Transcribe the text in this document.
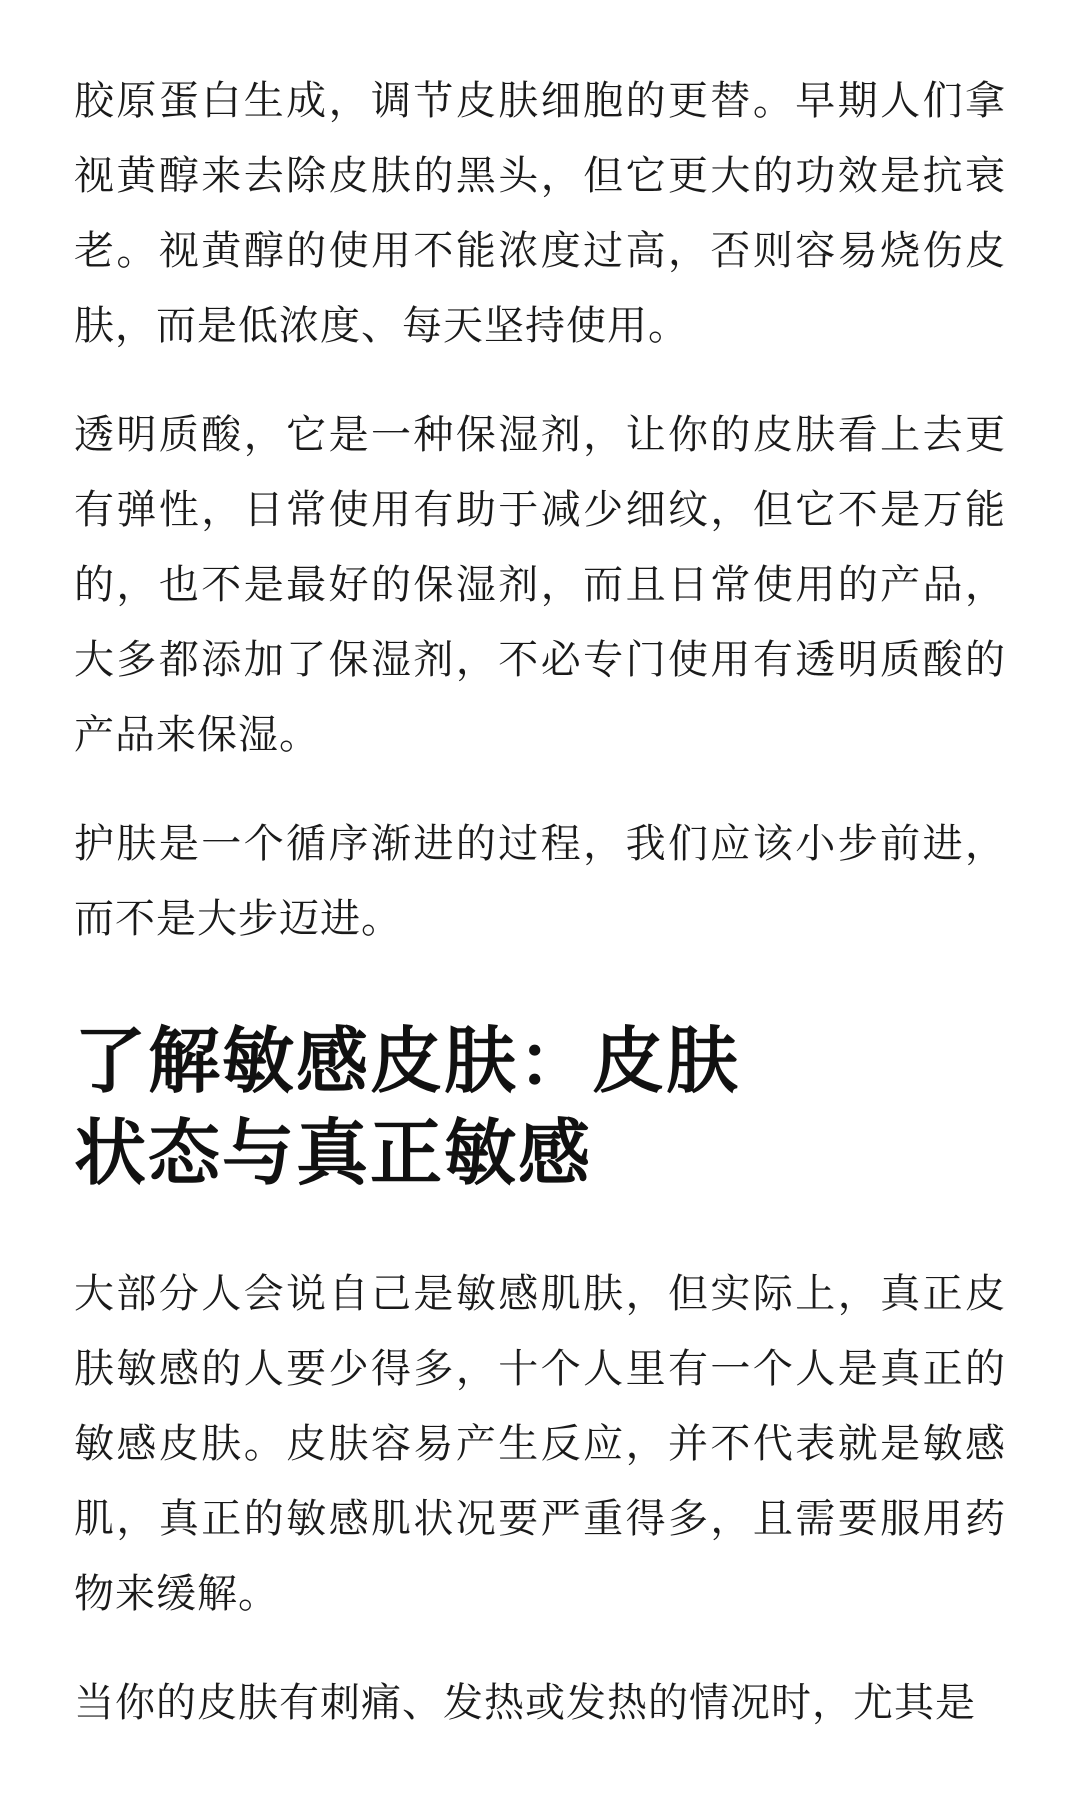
胶原蛋白生成，调节皮肤细胞的更替。早期人们拿视黄醇来去除皮肤的黑头，但它更大的功效是抗衰老。视黄醇的使用不能浓度过高，否则容易烧伤皮肤，而是低浓度、每天坚持使用。

透明质酸，它是一种保湿剂，让你的皮肤看上去更有弹性，日常使用有助于减少细纹，但它不是万能的，也不是最好的保湿剂，而且日常使用的产品，大多都添加了保湿剂，不必专门使用有透明质酸的产品来保湿。

护肤是一个循序渐进的过程，我们应该小步前进，而不是大步迈进。

了解敏感皮肤：皮肤状态与真正敏感

大部分人会说自己是敏感肌肤，但实际上，真正皮肤敏感的人要少得多，十个人里有一个人是真正的敏感皮肤。皮肤容易产生反应，并不代表就是敏感肌，真正的敏感肌状况要严重得多，且需要服用药物来缓解。

当你的皮肤有刺痛、发热或发热的情况时，尤其是
